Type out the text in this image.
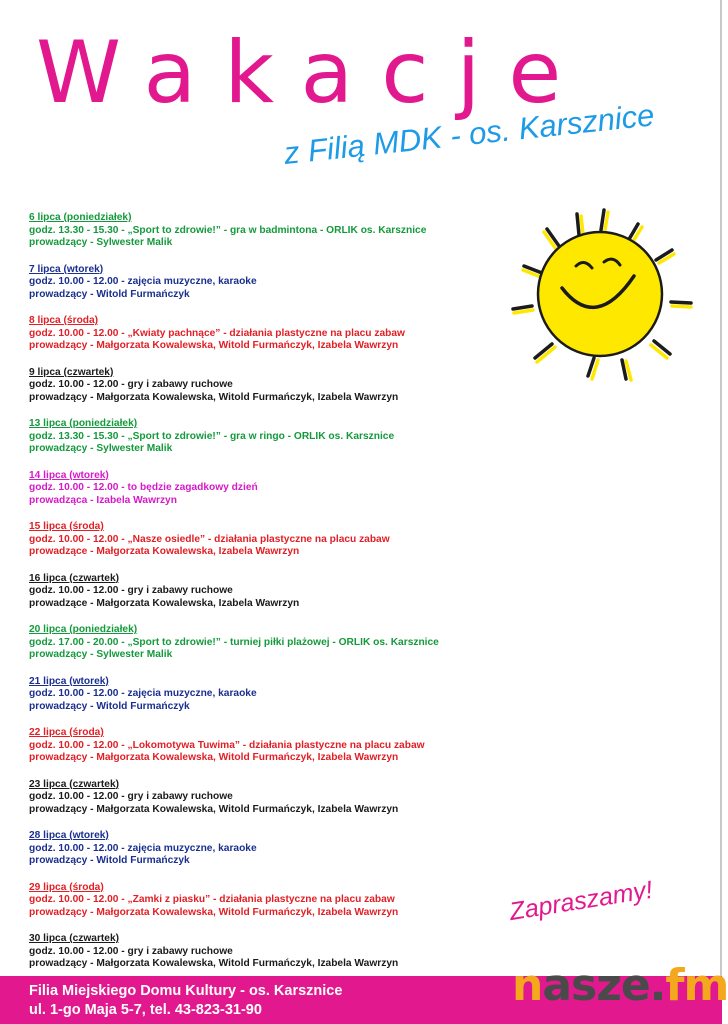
Wakacje
z Filią MDK - os. Karsznice
6 lipca (poniedziałek)
godz. 13.30 - 15.30 - „Sport to zdrowie!” - gra w badmintona - ORLIK os. Karsznice
prowadzący - Sylwester Malik
7 lipca (wtorek)
godz. 10.00 - 12.00 - zajęcia muzyczne, karaoke
prowadzący - Witold Furmańczyk
8 lipca (środa)
godz. 10.00 - 12.00 - „Kwiaty pachnące” - działania plastyczne na placu zabaw
prowadzący - Małgorzata Kowalewska, Witold Furmańczyk, Izabela Wawrzyn
9 lipca (czwartek)
godz. 10.00 - 12.00 - gry i zabawy ruchowe
prowadzący - Małgorzata Kowalewska, Witold Furmańczyk, Izabela Wawrzyn
13 lipca (poniedziałek)
godz. 13.30 - 15.30 - „Sport to zdrowie!” - gra w ringo - ORLIK os. Karsznice
prowadzący - Sylwester Malik
14 lipca (wtorek)
godz. 10.00 - 12.00 - to będzie zagadkowy dzień
prowadząca - Izabela Wawrzyn
15 lipca (środa)
godz. 10.00 - 12.00 - „Nasze osiedle” - działania plastyczne na placu zabaw
prowadzące - Małgorzata Kowalewska, Izabela Wawrzyn
16 lipca (czwartek)
godz. 10.00 - 12.00 - gry i zabawy ruchowe
prowadzące - Małgorzata Kowalewska, Izabela Wawrzyn
20 lipca (poniedziałek)
godz. 17.00 - 20.00 - „Sport to zdrowie!” - turniej piłki plażowej - ORLIK os. Karsznice
prowadzący - Sylwester Malik
21 lipca (wtorek)
godz. 10.00 - 12.00 - zajęcia muzyczne, karaoke
prowadzący - Witold Furmańczyk
22 lipca (środa)
godz. 10.00 - 12.00 - „Lokomotywa Tuwima” - działania plastyczne na placu zabaw
prowadzący - Małgorzata Kowalewska, Witold Furmańczyk, Izabela Wawrzyn
23 lipca (czwartek)
godz. 10.00 - 12.00 - gry i zabawy ruchowe
prowadzący - Małgorzata Kowalewska, Witold Furmańczyk, Izabela Wawrzyn
28 lipca (wtorek)
godz. 10.00 - 12.00 - zajęcia muzyczne, karaoke
prowadzący - Witold Furmańczyk
29 lipca (środa)
godz. 10.00 - 12.00 - „Zamki z piasku” - działania plastyczne na placu zabaw
prowadzący - Małgorzata Kowalewska, Witold Furmańczyk, Izabela Wawrzyn
30 lipca (czwartek)
godz. 10.00 - 12.00 - gry i zabawy ruchowe
prowadzący - Małgorzata Kowalewska, Witold Furmańczyk, Izabela Wawrzyn
Zapraszamy!
Filia Miejskiego Domu Kultury - os. Karsznice
ul. 1-go Maja 5-7, tel. 43-823-31-90	nasze.fm
